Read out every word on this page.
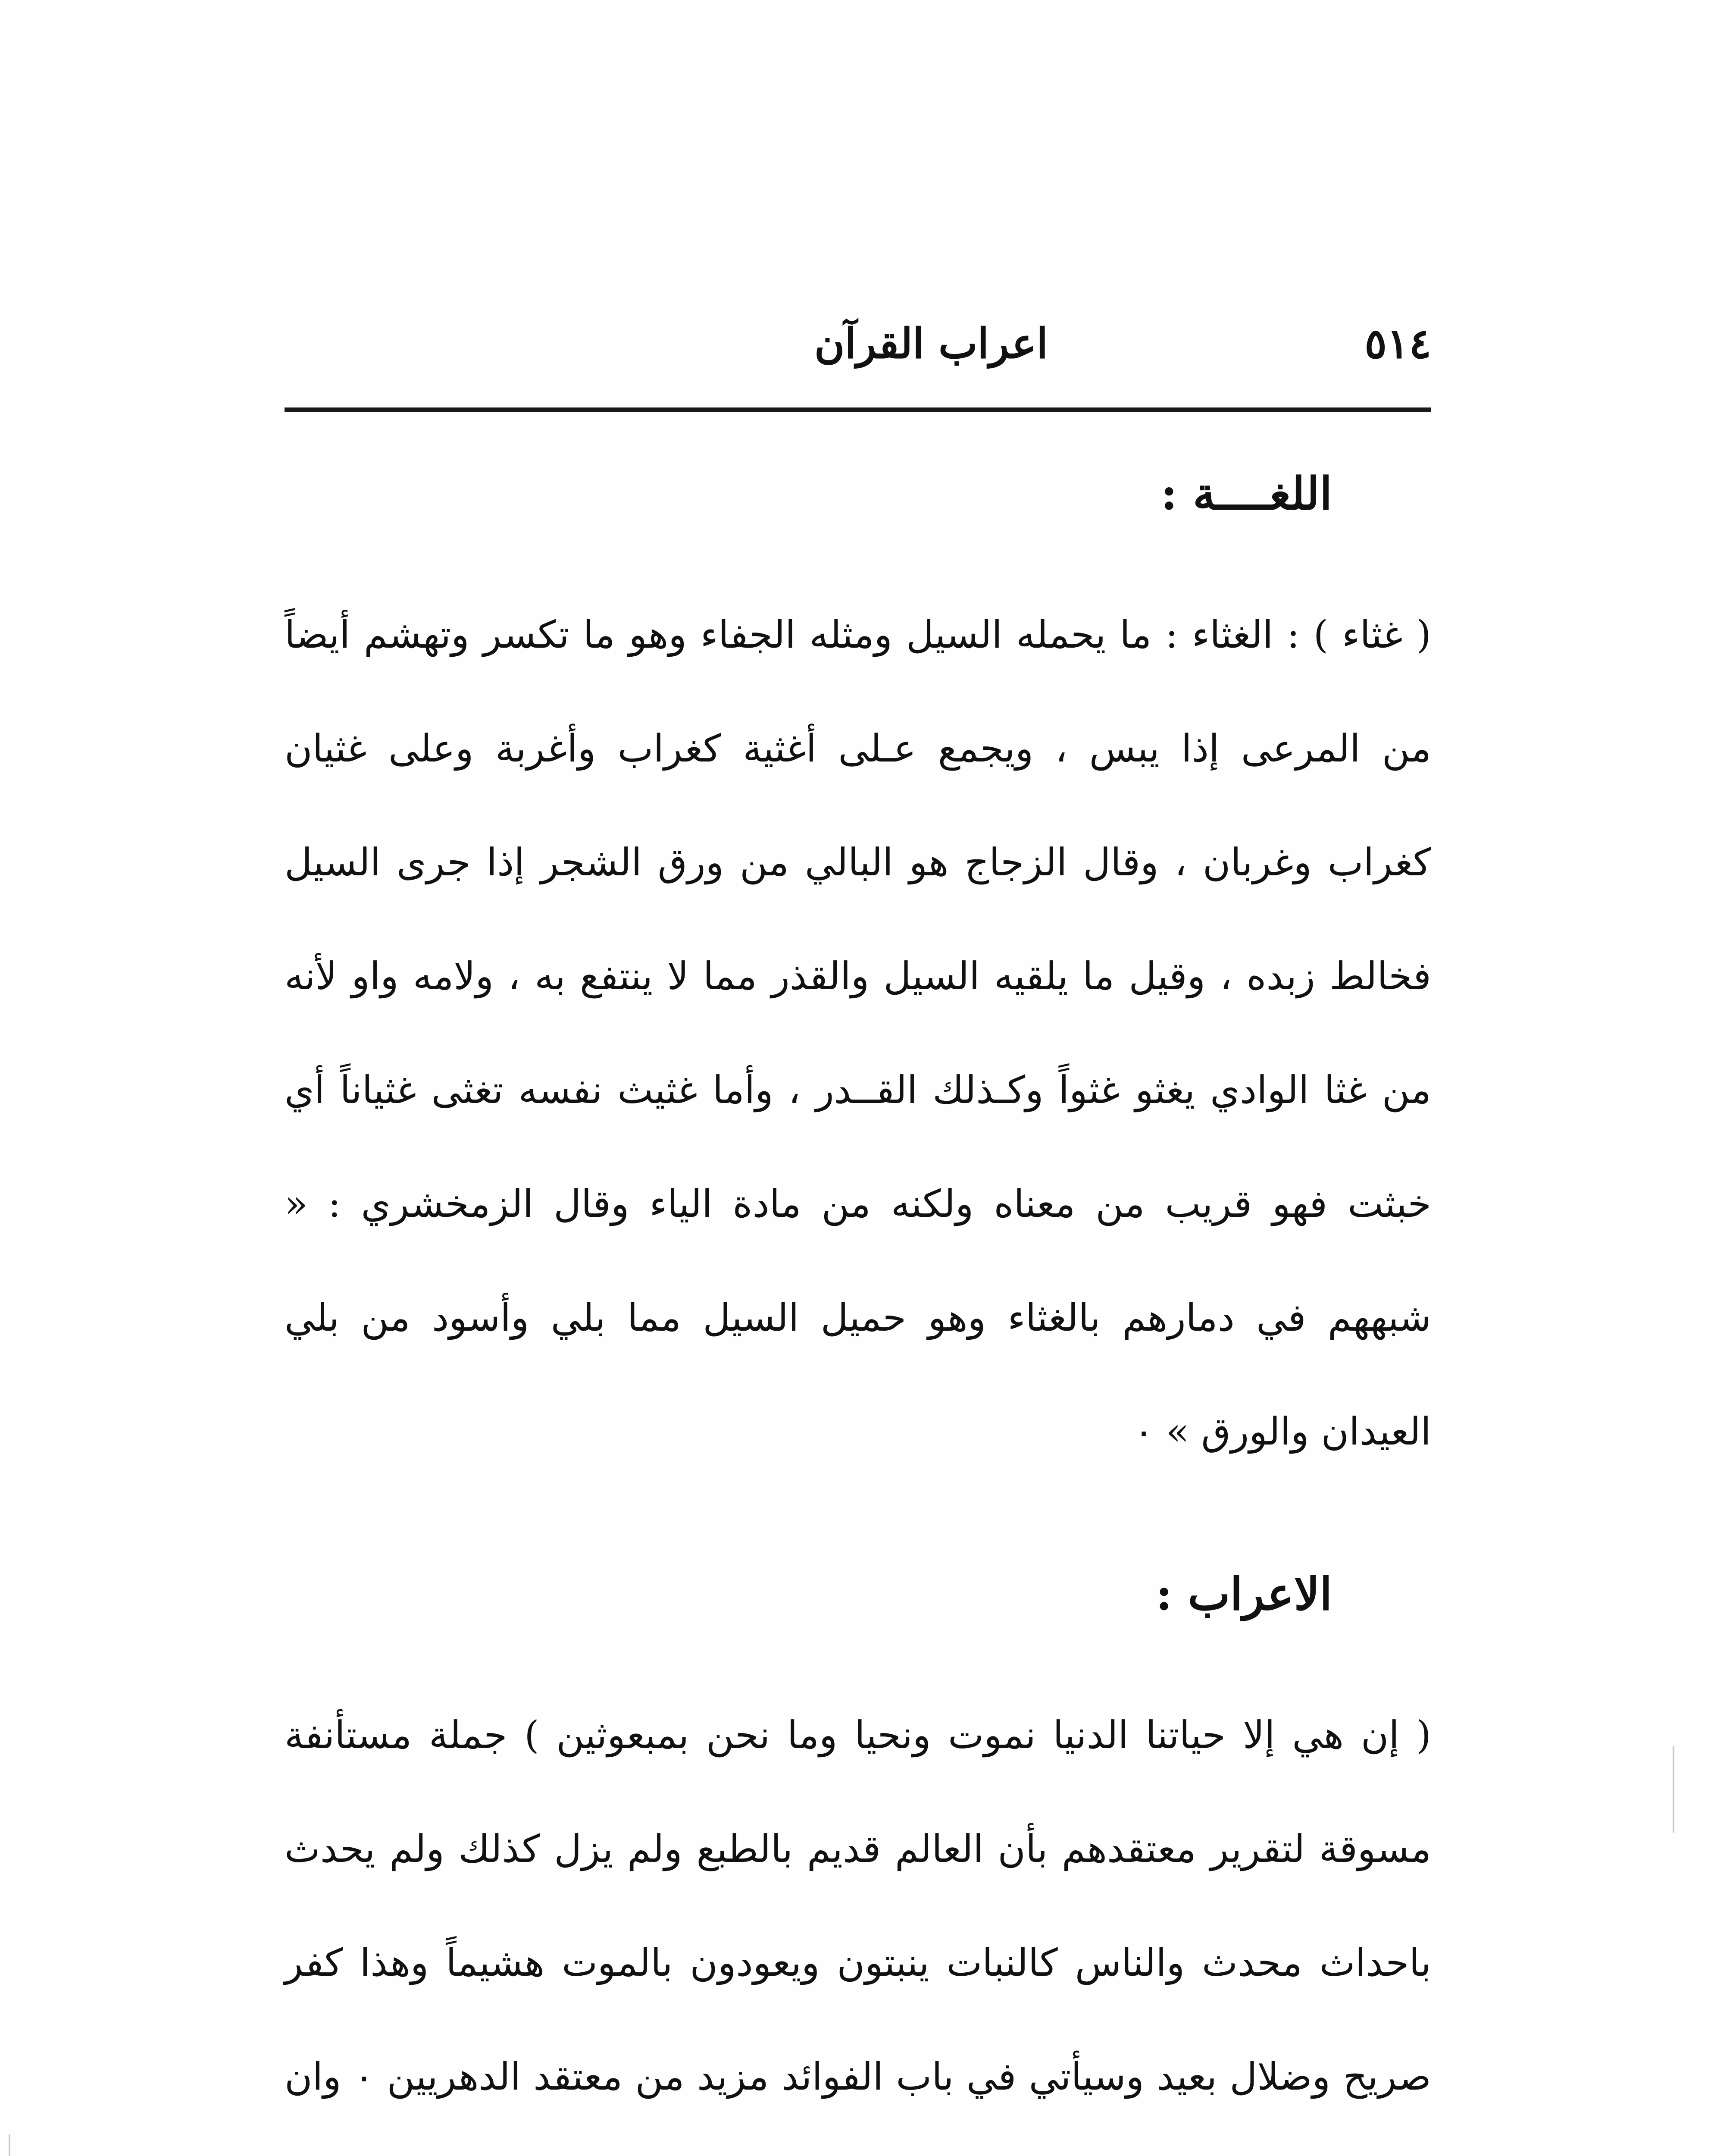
٥١٤
اعراب القرآن
اللغــــة :
( غثاء ) : الغثاء : ما يحمله السيل ومثله الجفاء وهو ما تكسر وتهشم أيضاً من المرعى إذا يبس ، ويجمع عـلى أغثية كغراب وأغربة وعلى غثيان كغراب وغربان ، وقال الزجاج هو البالي من ورق الشجر إذا جرى السيل فخالط زبده ، وقيل ما يلقيه السيل والقذر مما لا ينتفع به ، ولامه واو لأنه من غثا الوادي يغثو غثواً وكـذلك القــدر ، وأما غثيث نفسه تغثى غثياناً أي خبثت فهو قريب من معناه ولكنه من مادة الياء وقال الزمخشري : « شبههم في دمارهم بالغثاء وهو حميل السيل مما بلي وأسود من بلي العيدان والورق » ٠
الاعراب :
( إن هي إلا حياتنا الدنيا نموت ونحيا وما نحن بمبعوثين ) جملة مستأنفة مسوقة لتقرير معتقدهم بأن العالم قديم بالطبع ولم يزل كذلك ولم يحدث باحداث محدث والناس كالنبات ينبتون ويعودون بالموت هشيماً وهذا كفر صريح وضلال بعيد وسيأتي في باب الفوائد مزيد من معتقد الدهريين ٠ وان
